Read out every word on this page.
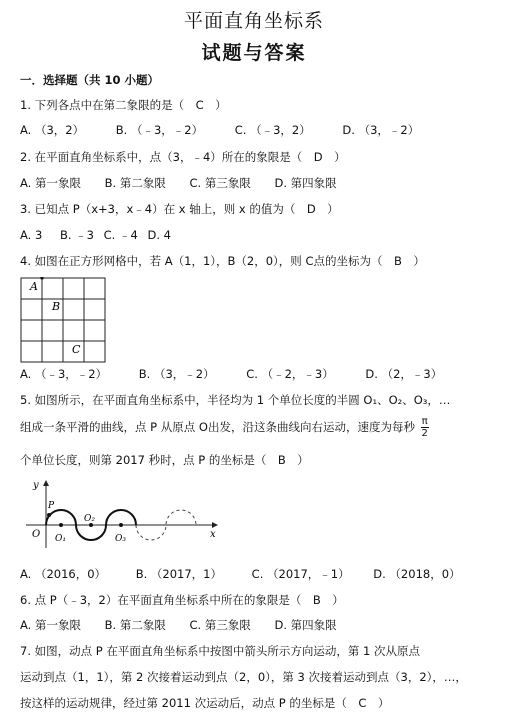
平面直角坐标系
试题与答案
一．选择题（共 10 小题）
1. 下列各点中在第二象限的是（　C　）
A. （3，2）	B. （﹣3，﹣2）	C. （﹣3，2）	D. （3，﹣2）
2. 在平面直角坐标系中，点（3，﹣4）所在的象限是（　D　）
A. 第一象限 B. 第二象限 C. 第三象限 D. 第四象限
3. 已知点 P（x+3，x﹣4）在 x 轴上，则 x 的值为（　D　）
A. 3 B. ﹣3 C. ﹣4 D. 4
4. 如图在正方形网格中，若 A（1，1），B（2，0），则 C点的坐标为（　B　）
A
B
C
A. （﹣3，﹣2）	B. （3，﹣2）	C. （﹣2，﹣3）	D. （2，﹣3）
5. 如图所示，在平面直角坐标系中，半径均为 1 个单位长度的半圆 O₁、O₂、O₃，…
组成一条平滑的曲线，点 P 从原点 O出发，沿这条曲线向右运动，速度为每秒 $\frac{\pi}{2}$
个单位长度，则第 2017 秒时，点 P 的坐标是（　B　）
y
x
P
O O₁
O₂
O₃
A. （2016，0）	B. （2017，1）	C. （2017，﹣1） D. （2018，0）
6. 点 P（﹣3，2）在平面直角坐标系中所在的象限是（　B　）
A. 第一象限 B. 第二象限 C. 第三象限 D. 第四象限
7. 如图，动点 P 在平面直角坐标系中按图中箭头所示方向运动，第 1 次从原点
运动到点（1，1），第 2 次接着运动到点（2，0），第 3 次接着运动到点（3，2），…，
按这样的运动规律，经过第 2011 次运动后，动点 P 的坐标是（　C　）
